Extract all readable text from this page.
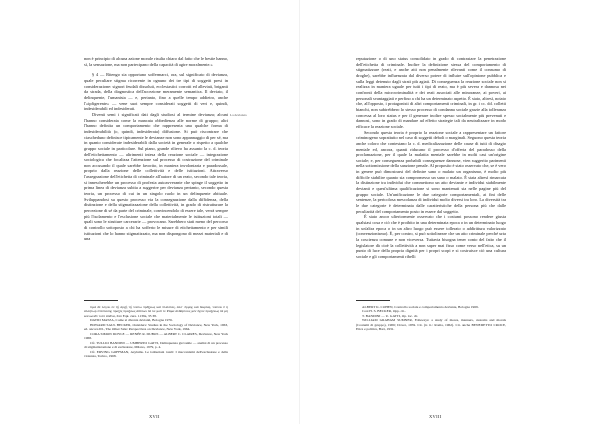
La devianza

non è principio di alcuna azione morale risulta chiaro dal fatto che le bestie hanno, sì, la sensazione, ma non partecipano della capacità di agire moralmente.»

§ 4 — Ritengo sia opportuno soffermarci, ora, sul significato di devianza, quale peculiare stigma ricorrente in ognuno dei tre tipi di soggetti presi in considerazione: signori feudali dissoluti, ecclesiastici corrotti ed alleviati, briganti da strada, della diagnostica dell'accezione meramente semantica. Il deviato, il delinquente, l'umanista — e, pertanto, fino a quelle tempo addietro, anche l'«ipfigerente» — vene suoi sempre considerati soggetti di veri e, quindi, indesiderabili ed indesiderati.

Diventi semi i significati dati dagli studiosi al termine devianza; alcuni l'hanno considerata come la mancata obbedienza alle norme di gruppo; altri l'hanno definita un comportamento che rappresenta una qualche forma di indesiderabilità (o, quindi, indesiderata) diffusione. Si può riscontrare che ciascheduno definisce tipicamente le devianze non sono appannaggio di per sé, ma in quanto considerate indesiderabili dalla società in generale o rispetto a qualche gruppo sociale in particolare. Sul piano, grande rilievo ha assunto la c. d. teoria dell'etichettamento — altrimenti intesa della reazione sociale — integrazione sociologica che focalizza l'attenzione sul processo di costruzione del criminale non accusando il quale sarebbe favorito, in maniera involontaria e paradossale, proprio dalla reazione delle collettività e delle istituzioni. Attraverso l'assegnazione dell'etichetta di criminale all'autore di un reato, secondo tale teoria, si innescherebbe un processo di profezia autoavverante che spinge il soggetto in prima linea di devianza subita a suggerire per devianza pertanto, secondo questa teoria, un processo di cui in un singolo ruolo in un delinquente abituale. Sviluppandosi su questo processo via la consegnazione dalla diffidenza, della distinzione e della stigmatizzazione della collettività, in grado di ristrutturare la percezione di sé da parte del criminale, convincendolo di essere tale, verrà sempre più l'isolamento e l'esclusione sociale che materialmente le istituzioni totali — quali sono le strutture carcerarie — provocano. Sarebbero stati meno del percorso di controllo sottoposto a chi ha sofferto le misure di etichettamento e per simili istituzioni che lo hanno stigmatizzato, ma non dispongono di mezzi materiali e di una

τιμὰ δὲ λόγου ἐν τῇ ἀρχῇ τῇ τούτω πρᾶξεως καὶ πλείστας, ἀλλ᾽ ἔρμης καὶ δικρίας, τούτου ἕ ἡ ἀλλήτωρ ἐπίστασης πραξὶς πραξέως ἀδύτων δὲ τα μοῦ τε Ράμα ἀλθάρτους μὲν ἔχειν πραξέεως δὲ μὴ κοινωνεῖν τούτ ἀπᾶνα, Ζεύ Eqk. cura. 1139a, 35 38.

DAVID MATZA, Come si diventa devianti, Bologna 1976.

HOWARD SAUL BECKER, Outsiders: Studies in the Sociology of Deviance, New York, 1963, ed. ancora ID., The Other Side: Perspectives on Deviance, New York, 1964.

CORA SIMON DOYLE — RENÉE R. DUBOS — ALBERT C. CLAIRES, Deviance, New York 1968.

Cfr. TULLIO BANDINI — UMBERTO GATTI, Delinquenza giovanile — analisi di un processo di stigmatizzazione e di esclusione, Milano, 1979, p. 4.

Cfr. ERVING GOFFMAN, Asylums. Le istituzioni totali: I meccanismi dell'esclusione e della violenza, Torino, 1968.

XVII

reputazione o di uno status consolidato in grado di contrastare la penetrazione dell'etichetta di criminale. Inoltre la definizione stessa del comportamento di stigmatizzare (reati, e anche atti non penalmente rilevanti come il consumo di droghe), sarebbe influenzata dal diverso potere di influire sull'opinione pubblica e sulla leggi detenuto dagli strati più agiati. Di conseguenza la reazione sociale non si realizza in maniera uguale per tutti i tipi di reato, ma è più severa e dannosa nei confronti della microcriminalità e dei reati associati alle minoranze, ai poveri, ai personali svantaggiati e perfino a chi ha un determinato aspetto. È stato, altresì, notato che, all'opposto, i protagonisti di altri comportamenti criminali, in gr. i cc. dd. colletti bianchi, non subirebbero lo stesso processo di condanna sociale grazie alla tolleranza concessa al loro status e per il generare inoltre spesso socialmente più prevenuti e dannosi, sono in grado di mandare ad effetto strategie tali da neutralizzare in modo efficace la reazione sociale.

Secondo questa teoria è proprio la reazione sociale a rappresentare un fattore criminogeno soprattutto nel caso di soggetti deboli o marginali. Seguono questa teoria anche coloro che contestano la c. d. medicalizzazione delle cause di tutti di disagio mentale ed, ancora, quanti riducano il processo d'offerta del paradosso della proclamazione, per il quale la malattia mentale sarebbe in molti casi un'origine sociale; e, per conseguenza probabili conseguenze dannose, vien suggerito parimenti nella sottomissione della sanzione penale. Al proposito è stato osservato che, se è vero in genere può dimostrarsi del definire sano o malato un organismo, è molto più difficile stabilire quanto sia compromesso un sano o malato. È stata altresì rimarcata la distinzione tra individui che commettono un atto deviante e individui stabilmente devianti e quest'ultima qualificazione si sono mantenuti sia nelle pagine più del gruppo sociale. Un'unificazione le due categorie comportamentali, ai fini delle sentenze, la pericolosa mescolanza di individui molto diversi tra loro. La diversità tra le due categorie è determinata dalle caratteristiche della persona più che dalle peculiarità del comportamento posto in essere dal soggetto.

È stato ancor ulteriormente osservato che i costumi possono rendere giusta qualsiasi cosa e ciò che è proibito in una determinata epoca o in un determinato luogo in un'altra epoca o in un altro luogo può essere tollerato o addirittura valorizzato (convenzionismo). È, per contro, si può sottolineare che un atto criminale perché urta la coscienza comune e non viceversa. Tuttavia bisogna tener conto del fatto che il legislatore dà cioè la collettività a non saper mai fisso come verso nell'etica, su un punto di luce della propria dignità per i propri scopi e si costruisce ciò una cultura sociale e gli comportamenti ribelli

ALBERT K. COHEN, Controllo sociale e comportamento deviante, Bologna 1969.

Così H. S. BECKER, Opp. cit..

T. BANDINI — U. GATTI, Op. loc. cit.

WILLIAM GRAHAM SUMNER, Folkways: a study of mores, manners, customs and morals (Costumi di gruppo), 1906; Dover, 1959. Cit. (tr. it.: Roma, 1962). Cit. anche BENEDETTO CROCE, Etica e politica, Bari, 1931.

XVIII
